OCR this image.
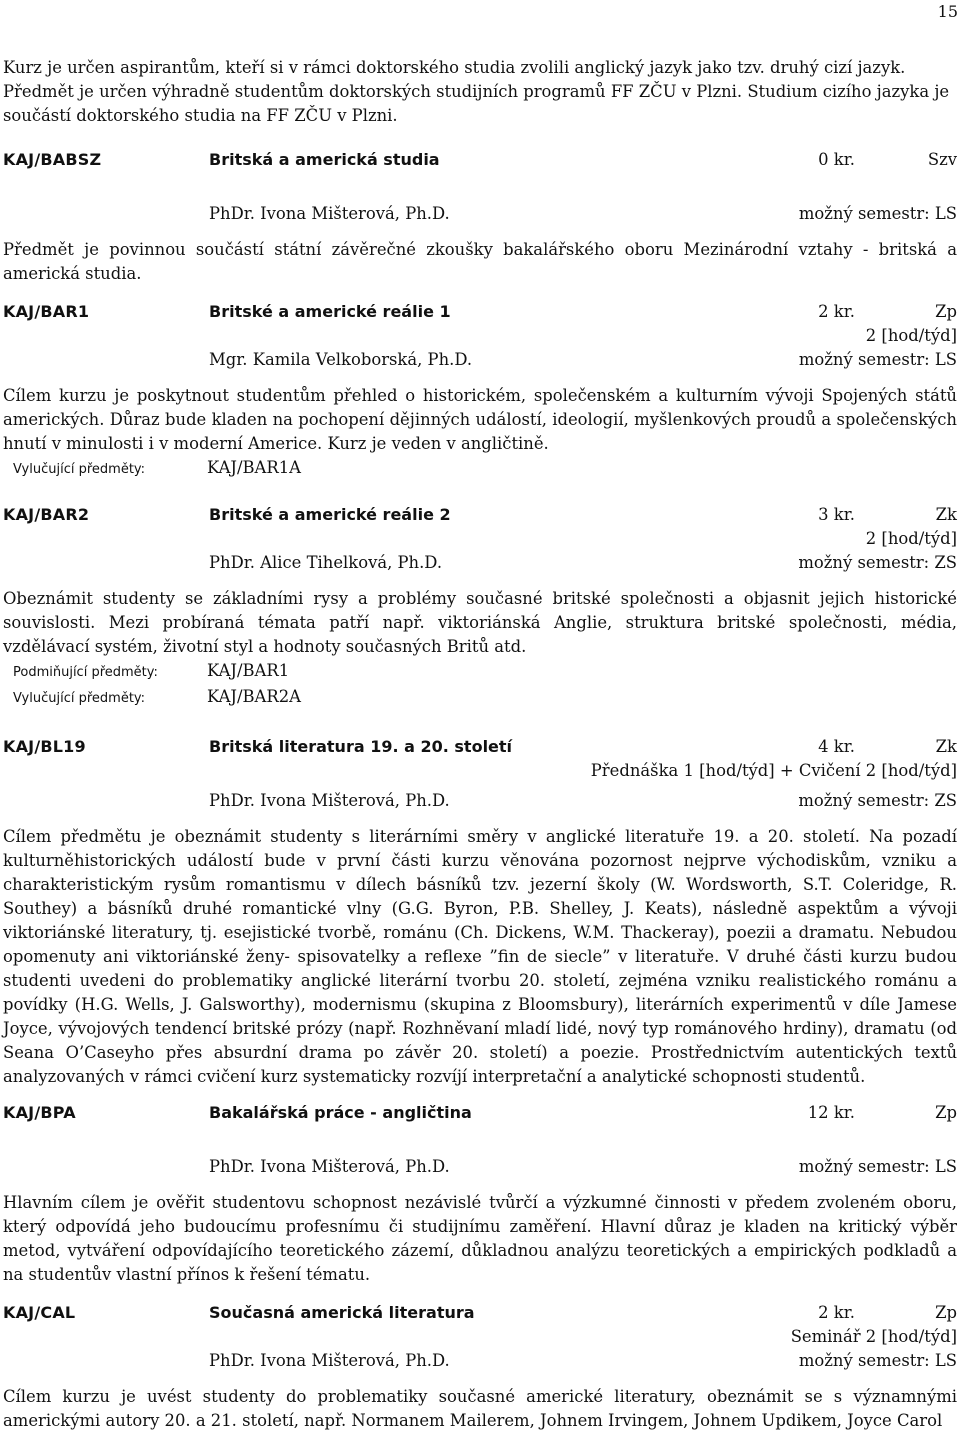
15
Kurz je určen aspirantům, kteří si v rámci doktorského studia zvolili anglický jazyk jako tzv. druhý cizí jazyk. Předmět je určen výhradně studentům doktorských studijních programů FF ZČU v Plzni. Studium cizího jazyka je součástí doktorského studia na FF ZČU v Plzni.
KAJ/BABSZ	Britská a americká studia	0 kr.	Szv
PhDr. Ivona Mišterová, Ph.D.	možný semestr: LS
Předmět je povinnou součástí státní závěrečné zkoušky bakalářského oboru Mezinárodní vztahy - britská a americká studia.
KAJ/BAR1	Britské a americké reálie 1	2 kr.	Zp
2 [hod/týd]
Mgr. Kamila Velkoborská, Ph.D.	možný semestr: LS
Cílem kurzu je poskytnout studentům přehled o historickém, společenském a kulturním vývoji Spojených států amerických. Důraz bude kladen na pochopení dějinných událostí, ideologií, myšlenkových proudů a společenských hnutí v minulosti i v moderní Americe. Kurz je veden v angličtině.
Vylučující předměty:	KAJ/BAR1A
KAJ/BAR2	Britské a americké reálie 2	3 kr.	Zk
2 [hod/týd]
PhDr. Alice Tihelková, Ph.D.	možný semestr: ZS
Obeznámit studenty se základními rysy a problémy současné britské společnosti a objasnit jejich historické souvislosti. Mezi probíraná témata patří např. viktoriánská Anglie, struktura britské společnosti, média, vzdělávací systém, životní styl a hodnoty současných Britů atd.
Podmiňující předměty:	KAJ/BAR1
Vylučující předměty:	KAJ/BAR2A
KAJ/BL19	Britská literatura 19. a 20. století	4 kr.	Zk
Přednáška 1 [hod/týd] + Cvičení 2 [hod/týd]
PhDr. Ivona Mišterová, Ph.D.	možný semestr: ZS
Cílem předmětu je obeznámit studenty s literárními směry v anglické literatuře 19. a 20. století. Na pozadí kulturněhistorických událostí bude v první části kurzu věnována pozornost nejprve východiskům, vzniku a charakteristickým rysům romantismu v dílech básníků tzv. jezerní školy (W. Wordsworth, S.T. Coleridge, R. Southey) a básníků druhé romantické vlny (G.G. Byron, P.B. Shelley, J. Keats), následně aspektům a vývoji viktoriánské literatury, tj. esejistické tvorbě, románu (Ch. Dickens, W.M. Thackeray), poezii a dramatu. Nebudou opomenuty ani viktoriánské ženy- spisovatelky a reflexe ”fin de siecle” v literatuře. V druhé části kurzu budou studenti uvedeni do problematiky anglické literární tvorbu 20. století, zejména vzniku realistického románu a povídky (H.G. Wells, J. Galsworthy), modernismu (skupina z Bloomsbury), literárních experimentů v díle Jamese Joyce, vývojových tendencí britské prózy (např. Rozhněvaní mladí lidé, nový typ románového hrdiny), dramatu (od Seana O’Caseyho přes absurdní drama po závěr 20. století) a poezie. Prostřednictvím autentických textů analyzovaných v rámci cvičení kurz systematicky rozvíjí interpretační a analytické schopnosti studentů.
KAJ/BPA	Bakalářská práce - angličtina	12 kr.	Zp
PhDr. Ivona Mišterová, Ph.D.	možný semestr: LS
Hlavním cílem je ověřit studentovu schopnost nezávislé tvůrčí a výzkumné činnosti v předem zvoleném oboru, který odpovídá jeho budoucímu profesnímu či studijnímu zaměření. Hlavní důraz je kladen na kritický výběr metod, vytváření odpovídajícího teoretického zázemí, důkladnou analýzu teoretických a empirických podkladů a na studentův vlastní přínos k řešení tématu.
KAJ/CAL	Současná americká literatura	2 kr.	Zp
Seminář 2 [hod/týd]
PhDr. Ivona Mišterová, Ph.D.	možný semestr: LS
Cílem kurzu je uvést studenty do problematiky současné americké literatury, obeznámit se s významnými americkými autory 20. a 21. století, např. Normanem Mailerem, Johnem Irvingem, Johnem Updikem, Joyce Carol
